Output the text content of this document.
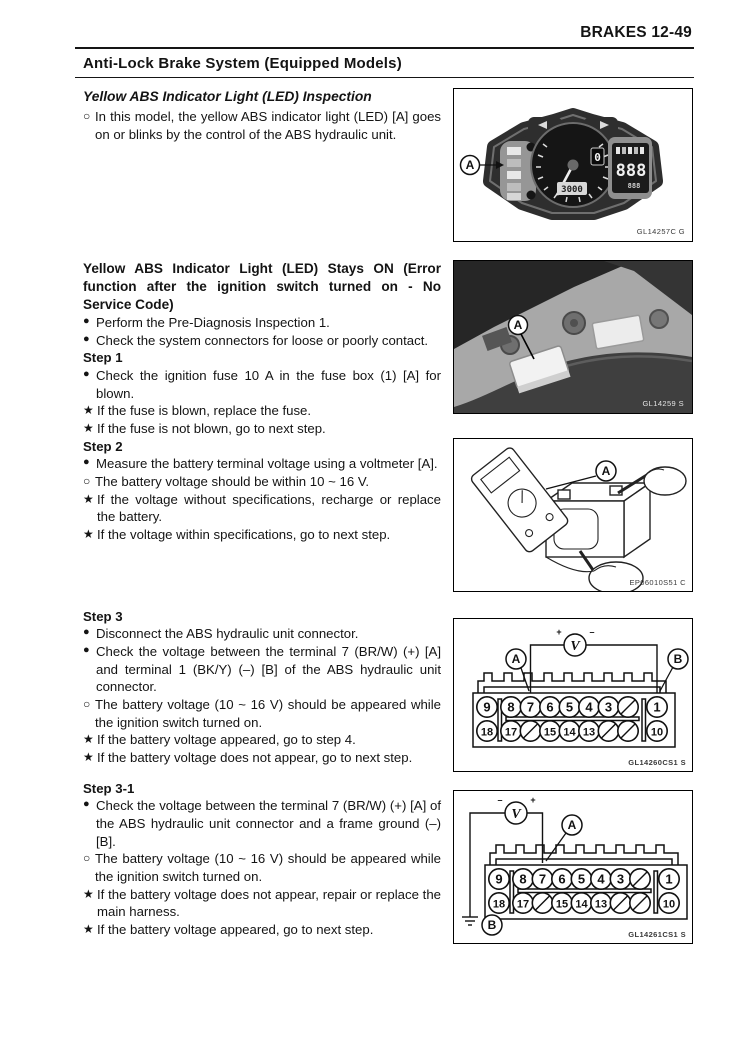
BRAKES 12-49
Anti-Lock Brake System (Equipped Models)

Yellow ABS Indicator Light (LED) Inspection

○ In this model, the yellow ABS indicator light (LED) [A] goes on or blinks by the control of the ABS hydraulic unit.

3000
0
888
888
A
GL14257C G

Yellow ABS Indicator Light (LED) Stays ON (Error function after the ignition switch turned on - No Service Code)

● Perform the Pre-Diagnosis Inspection 1.

● Check the system connectors for loose or poorly contact.

Step 1

● Check the ignition fuse 10 A in the fuse box (1) [A] for blown.

★ If the fuse is blown, replace the fuse.

★ If the fuse is not blown, go to next step.

A
GL14259 S

Step 2

● Measure the battery terminal voltage using a voltmeter [A].

○ The battery voltage should be within 10 ~ 16 V.

★ If the voltage without specifications, recharge or replace the battery.

★ If the voltage within specifications, go to next step.

A
EP06010S51 C

Step 3

● Disconnect the ABS hydraulic unit connector.

● Check the voltage between the terminal 7 (BR/W) (+) [A] and terminal 1 (BK/Y) (–) [B] of the ABS hydraulic unit connector.

○ The battery voltage (10 ~ 16 V) should be appeared while the ignition switch turned on.

★ If the battery voltage appeared, go to step 4.

★ If the battery voltage does not appear, go to next step.

V
+	–
A	B
9 8 7 6 5 4 3	1
18 17 15 14 13	10
GL14260CS1 S

Step 3-1

● Check the voltage between the terminal 7 (BR/W) (+) [A] of the ABS hydraulic unit connector and a frame ground (–) [B].

○ The battery voltage (10 ~ 16 V) should be appeared while the ignition switch turned on.

★ If the battery voltage does not appear, repair or replace the main harness.

★ If the battery voltage appeared, go to next step.

V
–	+
A
B
9 8 7 6 5 4 3	1
18 17 15 14 13	10
GL14261CS1 S
